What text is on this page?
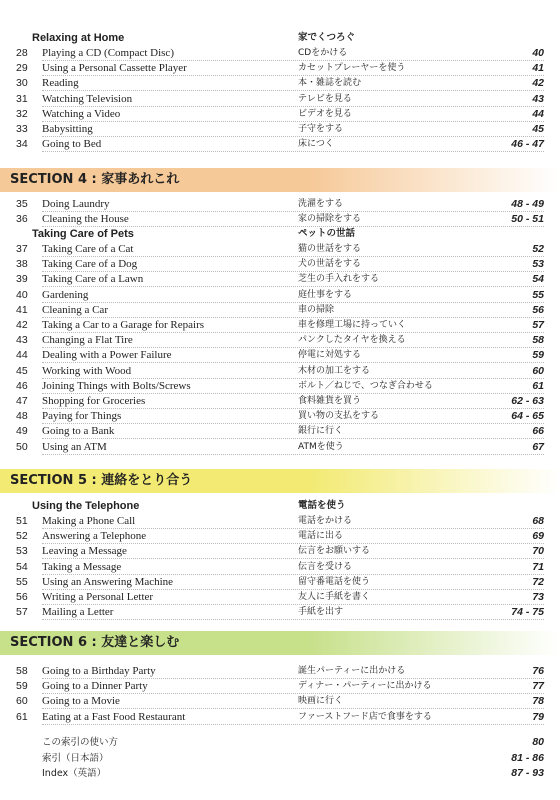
Relaxing at Home	家でくつろぐ
28	Playing a CD (Compact Disc)	CDをかける	40
29	Using a Personal Cassette Player	カセットプレーヤーを使う	41
30	Reading	本・雑誌を読む	42
31	Watching Television	テレビを見る	43
32	Watching a Video	ビデオを見る	44
33	Babysitting	子守をする	45
34	Going to Bed	床につく	46 - 47
SECTION 4 : 家事あれこれ
35	Doing Laundry	洗濯をする	48 - 49
36	Cleaning the House	家の掃除をする	50 - 51
Taking Care of Pets	ペットの世話
37	Taking Care of a Cat	猫の世話をする	52
38	Taking Care of a Dog	犬の世話をする	53
39	Taking Care of a Lawn	芝生の手入れをする	54
40	Gardening	庭仕事をする	55
41	Cleaning a Car	車の掃除	56
42	Taking a Car to a Garage for Repairs	車を修理工場に持っていく	57
43	Changing a Flat Tire	パンクしたタイヤを換える	58
44	Dealing with a Power Failure	停電に対処する	59
45	Working with Wood	木材の加工をする	60
46	Joining Things with Bolts/Screws	ボルト／ねじで、つなぎ合わせる	61
47	Shopping for Groceries	食料雑貨を買う	62 - 63
48	Paying for Things	買い物の支払をする	64 - 65
49	Going to a Bank	銀行に行く	66
50	Using an ATM	ATMを使う	67
SECTION 5 : 連絡をとり合う
Using the Telephone	電話を使う
51	Making a Phone Call	電話をかける	68
52	Answering a Telephone	電話に出る	69
53	Leaving a Message	伝言をお願いする	70
54	Taking a Message	伝言を受ける	71
55	Using an Answering Machine	留守番電話を使う	72
56	Writing a Personal Letter	友人に手紙を書く	73
57	Mailing a Letter	手紙を出す	74 - 75
SECTION 6 : 友達と楽しむ
58	Going to a Birthday Party	誕生パーティーに出かける	76
59	Going to a Dinner Party	ディナー・パーティーに出かける	77
60	Going to a Movie	映画に行く	78
61	Eating at a Fast Food Restaurant	ファーストフード店で食事をする	79
この索引の使い方	80
索引（日本語）	81 - 86
Index（英語）	87 - 93
